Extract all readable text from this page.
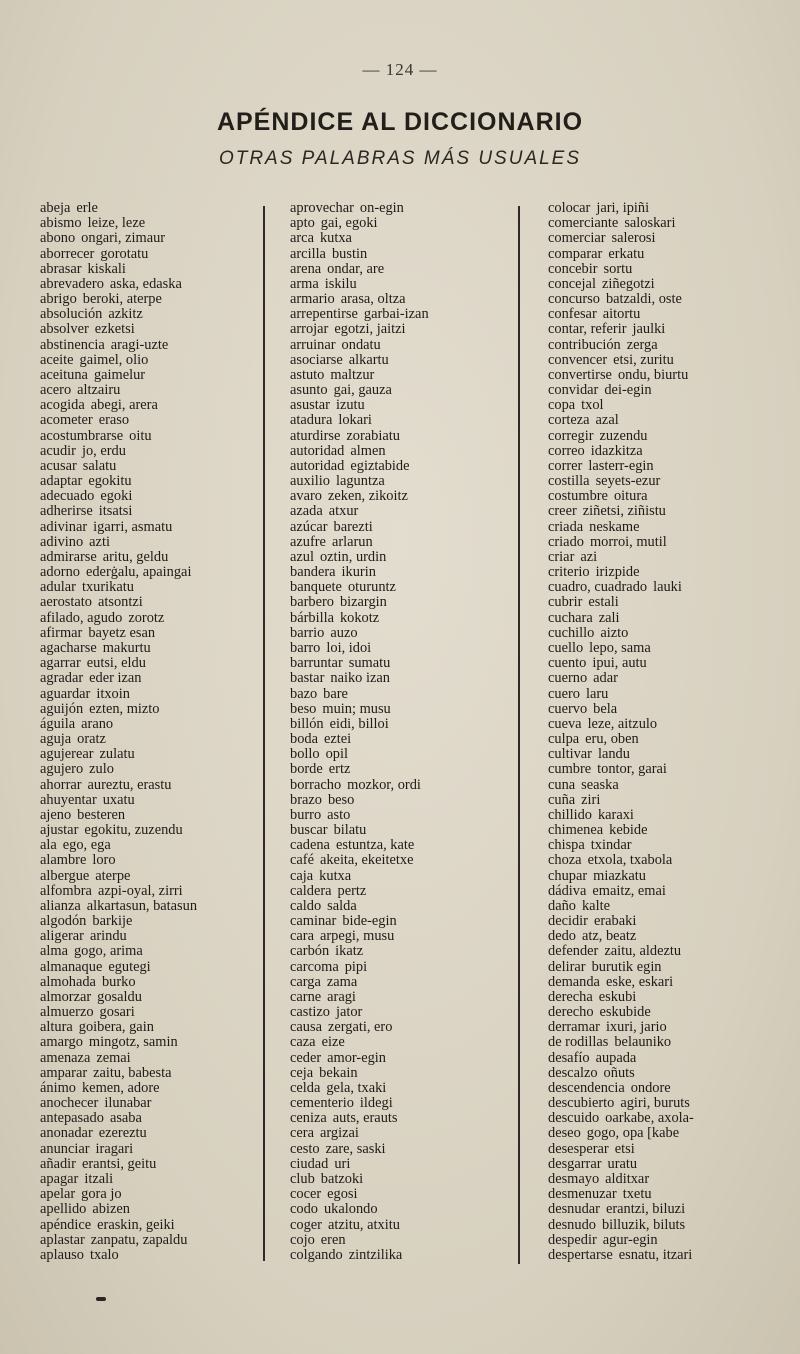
— 124 —
APÉNDICE AL DICCIONARIO
OTRAS PALABRAS MÁS USUALES
abeja erle
abismo leize, leze
abono ongari, zimaur
aborrecer gorotatu
abrasar kiskali
abrevadero aska, edaska
abrigo beroki, aterpe
absolución azkitz
absolver ezketsi
abstinencia aragi-uzte
aceite gaimel, olio
aceituna gaimelur
acero altzairu
acogida abegi, arera
acometer eraso
acostumbrarse oitu
acudir jo, erdu
acusar salatu
adaptar egokitu
adecuado egoki
adherirse itsatsi
adivinar igarri, asmatu
adivino azti
admirarse aritu, geldu
adorno ederġalu, apaingai
adular txurikatu
aerostato atsontzi
afilado, agudo zorotz
afirmar bayetz esan
agacharse makurtu
agarrar eutsi, eldu
agradar eder izan
aguardar itxoin
aguijón ezten, mizto
águila arano
aguja oratz
agujerear zulatu
agujero zulo
ahorrar aureztu, erastu
ahuyentar uxatu
ajeno besteren
ajustar egokitu, zuzendu
ala ego, ega
alambre loro
albergue aterpe
alfombra azpi-oyal, zirri
alianza alkartasun, batasun
algodón barkije
aligerar arindu
alma gogo, arima
almanaque egutegi
almohada burko
almorzar gosaldu
almuerzo gosari
altura goibera, gain
amargo mingotz, samin
amenaza zemai
amparar zaitu, babesta
ánimo kemen, adore
anochecer ilunabar
antepasado asaba
anonadar ezereztu
anunciar iragari
añadir erantsi, geitu
apagar itzali
apelar gora jo
apellido abizen
apéndice eraskin, geiki
aplastar zanpatu, zapaldu
aplauso txalo
aprovechar on-egin
apto gai, egoki
arca kutxa
arcilla bustin
arena ondar, are
arma iskilu
armario arasa, oltza
arrepentirse garbai-izan
arrojar egotzi, jaitzi
arruinar ondatu
asociarse alkartu
astuto maltzur
asunto gai, gauza
asustar izutu
atadura lokari
aturdirse zorabiatu
autoridad almen
autoridad egiztabide
auxilio laguntza
avaro zeken, zikoitz
azada atxur
azúcar barezti
azufre arlarun
azul oztin, urdin
bandera ikurin
banquete oturuntz
barbero bizargin
bárbilla kokotz
barrio auzo
barro loi, idoi
barruntar sumatu
bastar naiko izan
bazo bare
beso muin; musu
billón eidi, billoi
boda eztei
bollo opil
borde ertz
borracho mozkor, ordi
brazo beso
burro asto
buscar bilatu
cadena estuntza, kate
café akeita, ekeitetxe
caja kutxa
caldera pertz
caldo salda
caminar bide-egin
cara arpegi, musu
carbón ikatz
carcoma pipi
carga zama
carne aragi
castizo jator
causa zergati, ero
caza eize
ceder amor-egin
ceja bekain
celda gela, txaki
cementerio ildegi
ceniza auts, erauts
cera argizai
cesto zare, saski
ciudad uri
club batzoki
cocer egosi
codo ukalondo
coger atzitu, atxitu
cojo eren
colgando zintzilika
colocar jari, ipiñi
comerciante saloskari
comerciar salerosi
comparar erkatu
concebir sortu
concejal ziñegotzi
concurso batzaldi, oste
confesar aitortu
contar, referir jaulki
contribución zerga
convencer etsi, zuritu
convertirse ondu, biurtu
convidar dei-egin
copa txol
corteza azal
corregir zuzendu
correo idazkitza
correr lasterr-egin
costilla seyets-ezur
costumbre oitura
creer ziñetsi, ziñistu
criada neskame
criado morroi, mutil
criar azi
criterio irizpide
cuadro, cuadrado lauki
cubrir estali
cuchara zali
cuchillo aizto
cuello lepo, sama
cuento ipui, autu
cuerno adar
cuero laru
cuervo bela
cueva leze, aitzulo
culpa eru, oben
cultivar landu
cumbre tontor, garai
cuna seaska
cuña ziri
chillido karaxi
chimenea kebide
chispa txindar
choza etxola, txabola
chupar miazkatu
dádiva emaitz, emai
daño kalte
decidir erabaki
dedo atz, beatz
defender zaitu, aldeztu
delirar burutik egin
demanda eske, eskari
derecha eskubi
derecho eskubide
derramar ixuri, jario
de rodillas belauniko
desafío aupada
descalzo oñuts
descendencia ondore
descubierto agiri, buruts
descuido oarkabe, axola-
deseo gogo, opa [kabe
desesperar etsi
desgarrar uratu
desmayo alditxar
desmenuzar txetu
desnudar erantzi, biluzi
desnudo billuzik, biluts
despedir agur-egin
despertarse esnatu, itzari
